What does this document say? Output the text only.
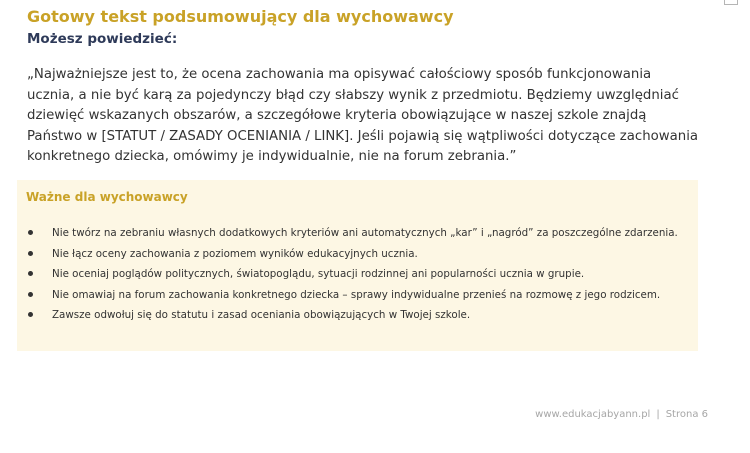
Gotowy tekst podsumowujący dla wychowawcy
Możesz powiedzieć:

„Najważniejsze jest to, że ocena zachowania ma opisywać całościowy sposób funkcjonowania ucznia, a nie być karą za pojedynczy błąd czy słabszy wynik z przedmiotu. Będziemy uwzględniać dziewięć wskazanych obszarów, a szczegółowe kryteria obowiązujące w naszej szkole znajdą Państwo w [STATUT / ZASADY OCENIANIA / LINK]. Jeśli pojawią się wątpliwości dotyczące zachowania konkretnego dziecka, omówimy je indywidualnie, nie na forum zebrania.”

Ważne dla wychowawcy
Nie twórz na zebraniu własnych dodatkowych kryteriów ani automatycznych „kar” i „nagród” za poszczególne zdarzenia.
Nie łącz oceny zachowania z poziomem wyników edukacyjnych ucznia.
Nie oceniaj poglądów politycznych, światopoglądu, sytuacji rodzinnej ani popularności ucznia w grupie.
Nie omawiaj na forum zachowania konkretnego dziecka – sprawy indywidualne przenieś na rozmowę z jego rodzicem.
Zawsze odwołuj się do statutu i zasad oceniania obowiązujących w Twojej szkole.
www.edukacjabyann.pl | Strona 6
